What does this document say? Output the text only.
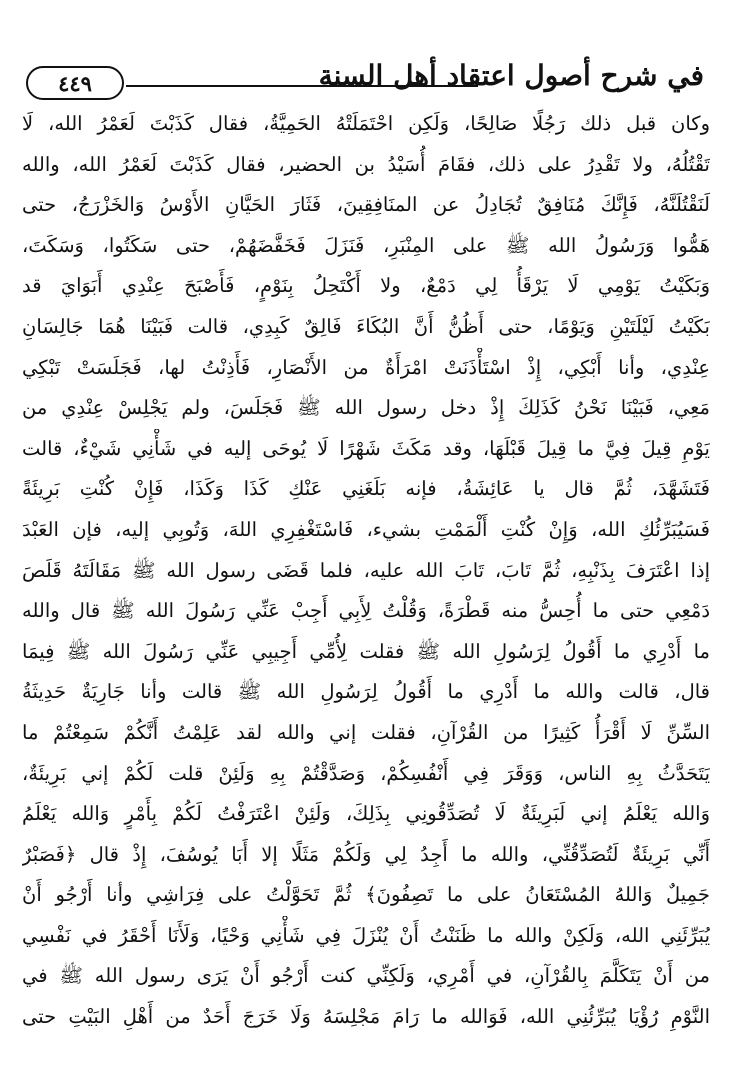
في شرح أصول اعتقاد أهل السنة
٤٤٩
وكان قبل ذلك رَجُلًا صَالِحًا، وَلَكِن احْتَمَلَتْهُ الحَمِيَّةُ، فقال كَذَبْتَ لَعَمْرُ الله، لَا
تَقْتُلُهُ، ولا تَقْدِرُ على ذلك، فقَامَ أُسَيْدُ بن الحضير، فقال كَذَبْتَ لَعَمْرُ الله، والله
لَنَقْتُلَنَّهُ، فَإِنَّكَ مُنَافِقٌ تُجَادِلُ عن المنَافِقِينَ، فَثَارَ الحَيَّانِ الأَوْسُ وَالخَزْرَجُ، حتى
هَمُّوا وَرَسُولُ الله ﷺ على المِنْبَرِ، فَنَزَلَ فَخَفَّضَهُمْ، حتى سَكَتُوا، وَسَكَتَ،
وَبَكَيْتُ يَوْمِي لَا يَرْقَأُ لِي دَمْعٌ، ولا أَكْتَحِلُ بِنَوْمٍ، فَأَصْبَحَ عِنْدِي أَبَوَايَ قد
بَكَيْتُ لَيْلَتَيْنِ وَيَوْمًا، حتى أَظُنُّ أَنَّ البُكَاءَ فَالِقٌ كَبِدِي، قالت فَبَيْنَا هُمَا جَالِسَانِ
عِنْدِي، وأنا أَبْكِي، إِذْ اسْتَأْذَنَتْ امْرَأَةٌ من الأَنْصَارِ، فَأَذِنْتُ لها، فَجَلَسَتْ تَبْكِي
مَعِي، فَبَيْنَا نَحْنُ كَذَلِكَ إِذْ دخل رسول الله ﷺ فَجَلَسَ، ولم يَجْلِسْ عِنْدِي من
يَوْمِ قِيلَ فِيَّ ما قِيلَ قَبْلَهَا، وقد مَكَثَ شَهْرًا لَا يُوحَى إليه في شَأْنِي شَيْءٌ، قالت
فَتَشَهَّدَ، ثُمَّ قال يا عَائِشَةُ، فإنه بَلَغَنِي عَنْكِ كَذَا وَكَذَا، فَإِنْ كُنْتِ بَرِيئَةً
فَسَيُبَرِّئُكِ الله، وَإِنْ كُنْتِ أَلْمَمْتِ بشيء، فَاسْتَغْفِرِي اللهَ، وَتُوبِي إليه، فإن العَبْدَ
إذا اعْتَرَفَ بِذَنْبِهِ، ثُمَّ تَابَ، تَابَ الله عليه، فلما قَضَى رسول الله ﷺ مَقَالَتَهُ قَلَصَ
دَمْعِي حتى ما أُحِسُّ منه قَطْرَةً، وَقُلْتُ لِأَبِي أَجِبْ عَنِّي رَسُولَ الله ﷺ قال والله
ما أَدْرِي ما أَقُولُ لِرَسُولِ الله ﷺ فقلت لِأُمِّي أَجِيبِي عَنِّي رَسُولَ الله ﷺ فِيمَا
قال، قالت والله ما أَدْرِي ما أَقُولُ لِرَسُولِ الله ﷺ قالت وأنا جَارِيَةٌ حَدِيثَةُ
السِّنِّ لَا أَقْرَأُ كَثِيرًا من القُرْآنِ، فقلت إني والله لقد عَلِمْتُ أَنَّكُمْ سَمِعْتُمْ ما
يَتَحَدَّثُ بِهِ الناس، وَوَقَرَ فِي أَنْفُسِكُمْ، وَصَدَّقْتُمْ بِهِ وَلَئِنْ قلت لَكُمْ إني بَرِيئَةٌ،
وَالله يَعْلَمُ إني لَبَرِيئَةٌ لَا تُصَدِّقُونِي بِذَلِكَ، وَلَئِنْ اعْتَرَفْتُ لَكُمْ بِأَمْرٍ وَالله يَعْلَمُ
أَنِّي بَرِيئَةٌ لَتُصَدِّقُنِّي، والله ما أَجِدُ لِي وَلَكُمْ مَثَلًا إلا أَبَا يُوسُفَ، إِذْ قال ﴿فَصَبْرٌ
جَمِيلٌ وَاللهُ المُسْتَعَانُ على ما تَصِفُونَ﴾ ثُمَّ تَحَوَّلْتُ على فِرَاشِي وأنا أَرْجُو أَنْ
يُبَرِّئَنِي الله، وَلَكِنْ والله ما ظَنَنْتُ أَنْ يُنْزَلَ فِي شَأْنِي وَحْيًا، وَلَأَنَا أَحْقَرُ في نَفْسِي
من أَنْ يَتَكَلَّمَ بِالقُرْآنِ، في أَمْرِي، وَلَكِنِّي كنت أَرْجُو أَنْ يَرَى رسول الله ﷺ في
النَّوْمِ رُؤْيَا يُبَرِّئُنِي الله، فَوَالله ما رَامَ مَجْلِسَهُ وَلَا خَرَجَ أَحَدٌ من أَهْلِ البَيْتِ حتى
